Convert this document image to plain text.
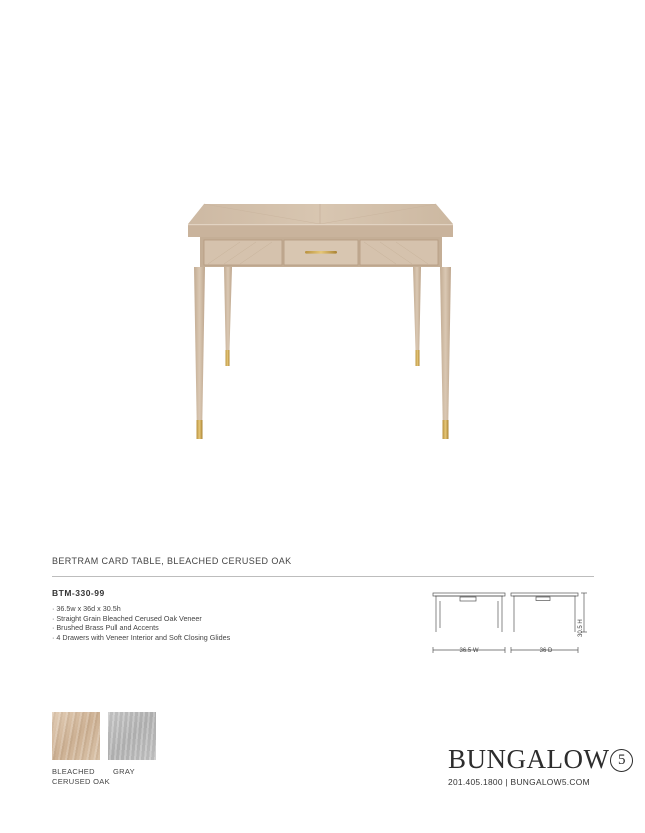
BERTRAM CARD TABLE, BLEACHED CERUSED OAK
BTM-330-99
· 36.5w x 36d x 30.5h
· Straight Grain Bleached Cerused Oak Veneer
· Brushed Brass Pull and Accents
· 4 Drawers with Veneer Interior and Soft Closing Glides
36.5 W	36 D
30.5 H
BLEACHED
CERUSED OAK
GRAY	BUNGALOW 5
201.405.1800 | BUNGALOW5.COM
